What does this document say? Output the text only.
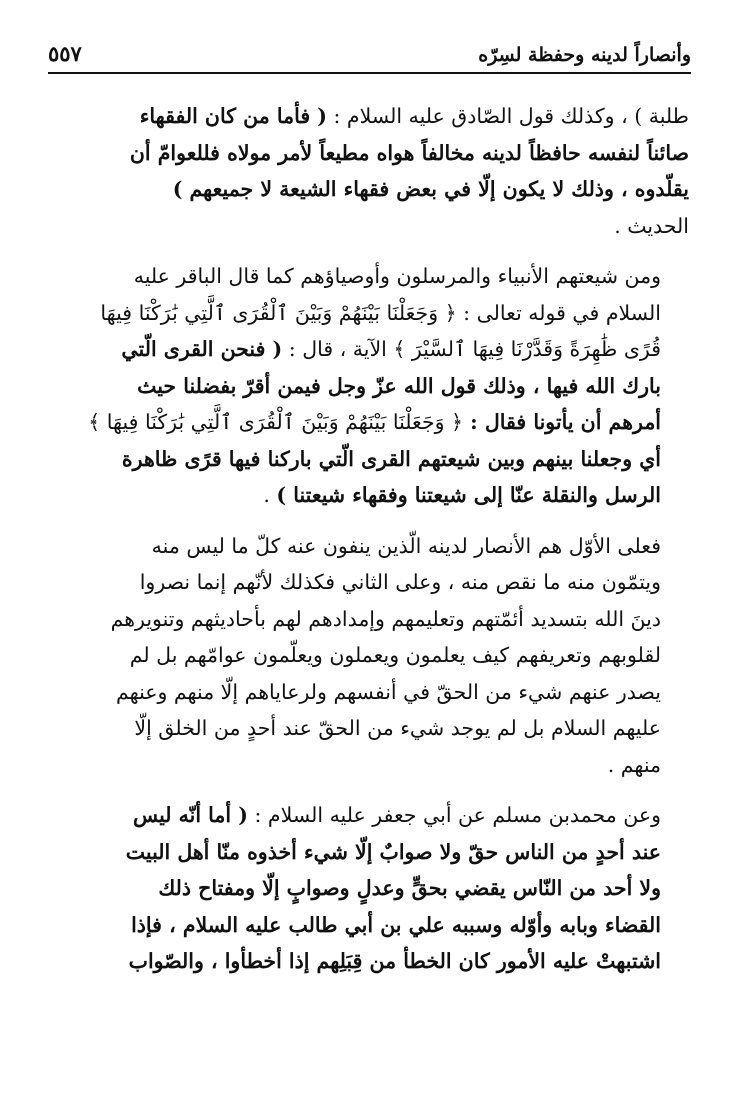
وأنصاراً لدينه وحفظة لسِرّه
٥٥٧

طلبة ) ، وكذلك قول الصّادق عليه السلام : ( فأما من كان الفقهاء
صائناً لنفسه حافظاً لدينه مخالفاً هواه مطيعاً لأمر مولاه فللعوامّ أن
يقلّدوه ، وذلك لا يكون إلّا في بعض فقهاء الشيعة لا جميعهم )
الحديث .

ومن شيعتهم الأنبياء والمرسلون وأوصياؤهم كما قال الباقر عليه
السلام في قوله تعالى : ﴿ وَجَعَلْنَا بَيْنَهُمْ وَبَيْنَ ٱلْقُرَى ٱلَّتِي بَٰرَكْنَا فِيهَا
قُرًى ظَٰهِرَةً وَقَدَّرْنَا فِيهَا ٱلسَّيْرَ ﴾ الآية ، قال : ( فنحن القرى الّتي
بارك الله فيها ، وذلك قول الله عزّ وجل فيمن أقرّ بفضلنا حيث
أمرهم أن يأتونا فقال : ﴿ وَجَعَلْنَا بَيْنَهُمْ وَبَيْنَ ٱلْقُرَى ٱلَّتِي بَٰرَكْنَا فِيهَا ﴾
أي وجعلنا بينهم وبين شيعتهم القرى الّتي باركنا فيها قرًى ظاهرة
الرسل والنقلة عنّا إلى شيعتنا وفقهاء شيعتنا ) .

فعلى الأوّل هم الأنصار لدينه الّذين ينفون عنه كلّ ما ليس منه
ويتمّون منه ما نقص منه ، وعلى الثاني فكذلك لأنّهم إنما نصروا
دينَ الله بتسديد أئمّتهم وتعليمهم وإمدادهم لهم بأحاديثهم وتنويرهم
لقلوبهم وتعريفهم كيف يعلمون ويعملون ويعلّمون عوامّهم بل لم
يصدر عنهم شيء من الحقّ في أنفسهم ولرعاياهم إلّا منهم وعنهم
عليهم السلام بل لم يوجد شيء من الحقّ عند أحدٍ من الخلق إلّا
منهم .

وعن محمدبن مسلم عن أبي جعفر عليه السلام : ( أما أنّه ليس
عند أحدٍ من الناس حقّ ولا صوابٌ إلّا شيء أخذوه منّا أهل البيت
ولا أحد من النّاس يقضي بحقٍّ وعدلٍ وصوابٍ إلّا ومفتاح ذلك
القضاء وبابه وأوّله وسببه علي بن أبي طالب عليه السلام ، فإذا
اشتبهتْ عليه الأمور كان الخطأ من قِبَلِهم إذا أخطأوا ، والصّواب
